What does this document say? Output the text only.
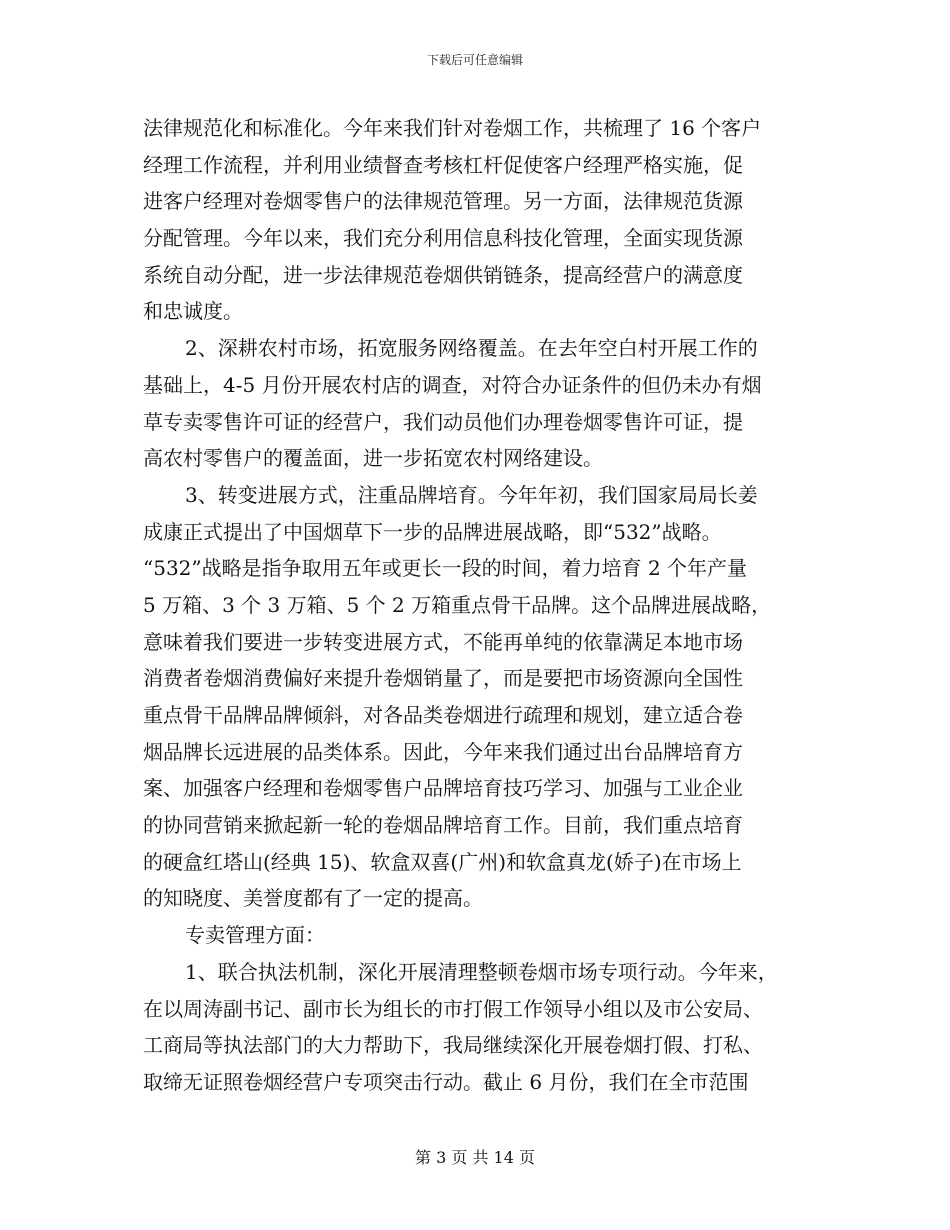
下载后可任意编辑
法律规范化和标准化。今年来我们针对卷烟工作，共梳理了 16 个客户
经理工作流程，并利用业绩督查考核杠杆促使客户经理严格实施，促
进客户经理对卷烟零售户的法律规范管理。另一方面，法律规范货源
分配管理。今年以来，我们充分利用信息科技化管理，全面实现货源
系统自动分配，进一步法律规范卷烟供销链条，提高经营户的满意度
和忠诚度。
2、深耕农村市场，拓宽服务网络覆盖。在去年空白村开展工作的
基础上，4-5 月份开展农村店的调查，对符合办证条件的但仍未办有烟
草专卖零售许可证的经营户，我们动员他们办理卷烟零售许可证，提
高农村零售户的覆盖面，进一步拓宽农村网络建设。
3、转变进展方式，注重品牌培育。今年年初，我们国家局局长姜
成康正式提出了中国烟草下一步的品牌进展战略，即“532”战略。
“532”战略是指争取用五年或更长一段的时间，着力培育 2 个年产量
5 万箱、3 个 3 万箱、5 个 2 万箱重点骨干品牌。这个品牌进展战略，
意味着我们要进一步转变进展方式，不能再单纯的依靠满足本地市场
消费者卷烟消费偏好来提升卷烟销量了，而是要把市场资源向全国性
重点骨干品牌品牌倾斜，对各品类卷烟进行疏理和规划，建立适合卷
烟品牌长远进展的品类体系。因此，今年来我们通过出台品牌培育方
案、加强客户经理和卷烟零售户品牌培育技巧学习、加强与工业企业
的协同营销来掀起新一轮的卷烟品牌培育工作。目前，我们重点培育
的硬盒红塔山(经典 15)、软盒双喜(广州)和软盒真龙(娇子)在市场上
的知晓度、美誉度都有了一定的提高。
专卖管理方面：
1、联合执法机制，深化开展清理整顿卷烟市场专项行动。今年来，
在以周涛副书记、副市长为组长的市打假工作领导小组以及市公安局、
工商局等执法部门的大力帮助下，我局继续深化开展卷烟打假、打私、
取缔无证照卷烟经营户专项突击行动。截止 6 月份，我们在全市范围
第 3 页 共 14 页
